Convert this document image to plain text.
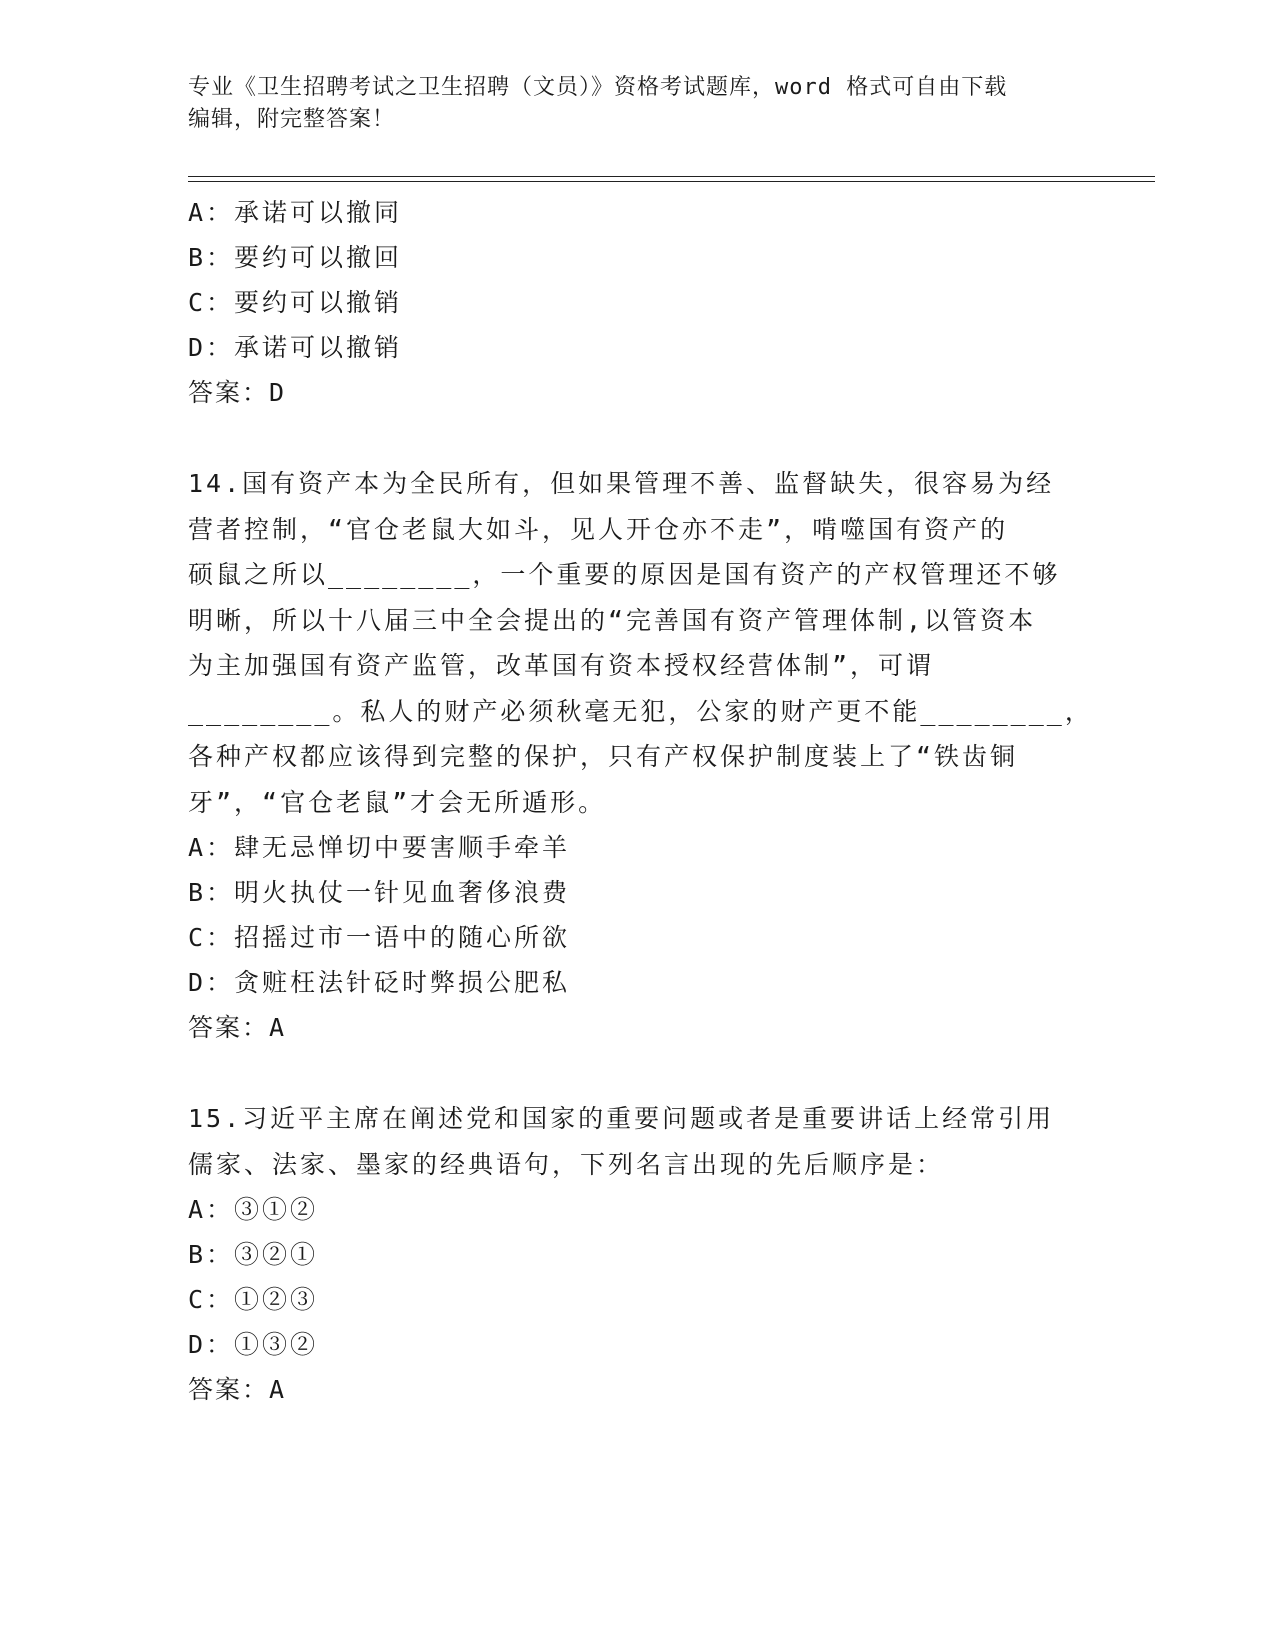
专业《卫生招聘考试之卫生招聘（文员）》资格考试题库，word 格式可自由下载
编辑，附完整答案！
A：承诺可以撤同
B：要约可以撤回
C：要约可以撤销
D：承诺可以撤销
答案：D
14.国有资产本为全民所有，但如果管理不善、监督缺失，很容易为经
营者控制，“官仓老鼠大如斗，见人开仓亦不走”，啃噬国有资产的
硕鼠之所以________，一个重要的原因是国有资产的产权管理还不够
明晰，所以十八届三中全会提出的“完善国有资产管理体制,以管资本
为主加强国有资产监管，改革国有资本授权经营体制”，可谓
________。私人的财产必须秋毫无犯，公家的财产更不能________，
各种产权都应该得到完整的保护，只有产权保护制度装上了“铁齿铜
牙”，“官仓老鼠”才会无所遁形。
A：肆无忌惮切中要害顺手牵羊
B：明火执仗一针见血奢侈浪费
C：招摇过市一语中的随心所欲
D：贪赃枉法针砭时弊损公肥私
答案：A
15.习近平主席在阐述党和国家的重要问题或者是重要讲话上经常引用
儒家、法家、墨家的经典语句，下列名言出现的先后顺序是：
A：③①②
B：③②①
C：①②③
D：①③②
答案：A
